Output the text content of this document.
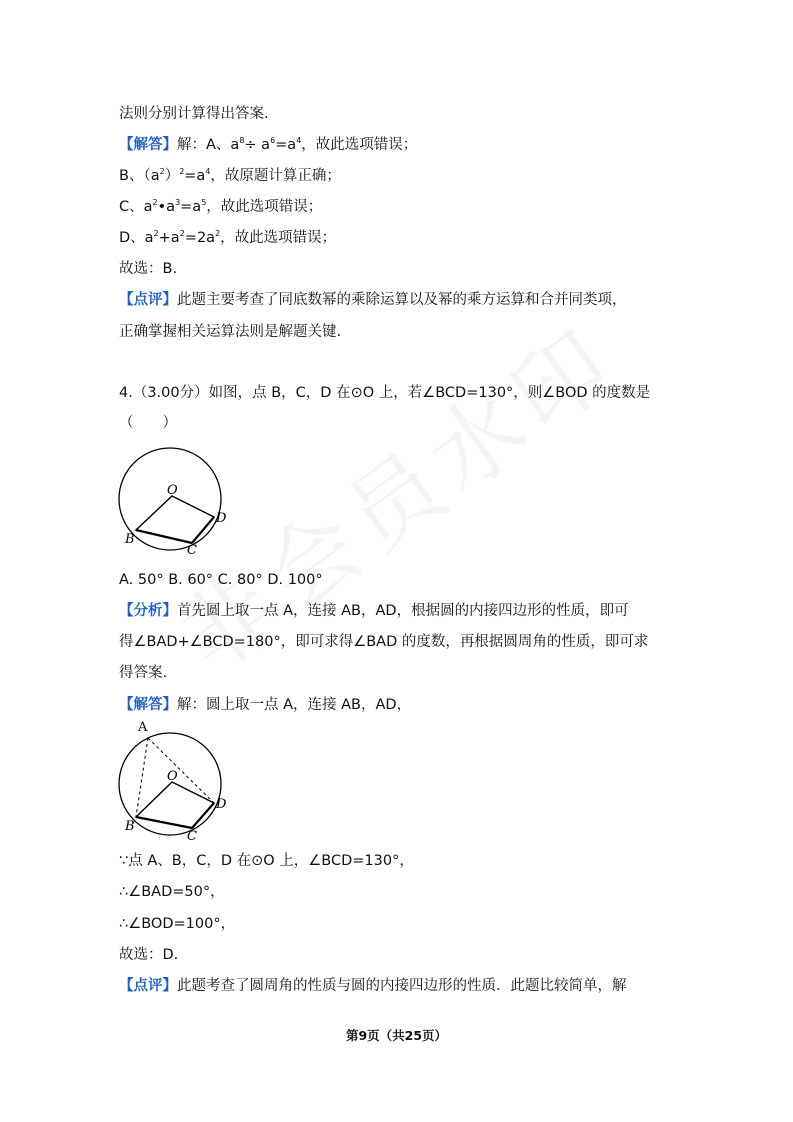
法则分别计算得出答案.
【解答】解：A、$a^8\div a^6=a^4$，故此选项错误；
B、$(a^2)^2=a^4$，故原题计算正确；
C、$a^2•a^3=a^5$，故此选项错误；
D、$a^2+a^2=2a^2$，故此选项错误；
故选：B.
【点评】此题主要考查了同底数幂的乘除运算以及幂的乘方运算和合并同类项，
正确掌握相关运算法则是解题关键.
4.（3.00分）如图，点 B，C，D 在⊙O 上，若∠BCD=130°，则∠BOD 的度数是
（　　）
O
D
B
C
A. 50° B. 60° C. 80° D. 100°
【分析】首先圆上取一点 A，连接 AB，AD，根据圆的内接四边形的性质，即可
得∠BAD+∠BCD=180°，即可求得∠BAD 的度数，再根据圆周角的性质，即可求
得答案.
【解答】解：圆上取一点 A，连接 AB，AD，
A
O
D
B
C
∵点 A、B，C，D 在⊙O 上，∠BCD=130°，
∴∠BAD=50°，
∴∠BOD=100°，
故选：D.
【点评】此题考查了圆周角的性质与圆的内接四边形的性质．此题比较简单，解
第9页（共25页）
